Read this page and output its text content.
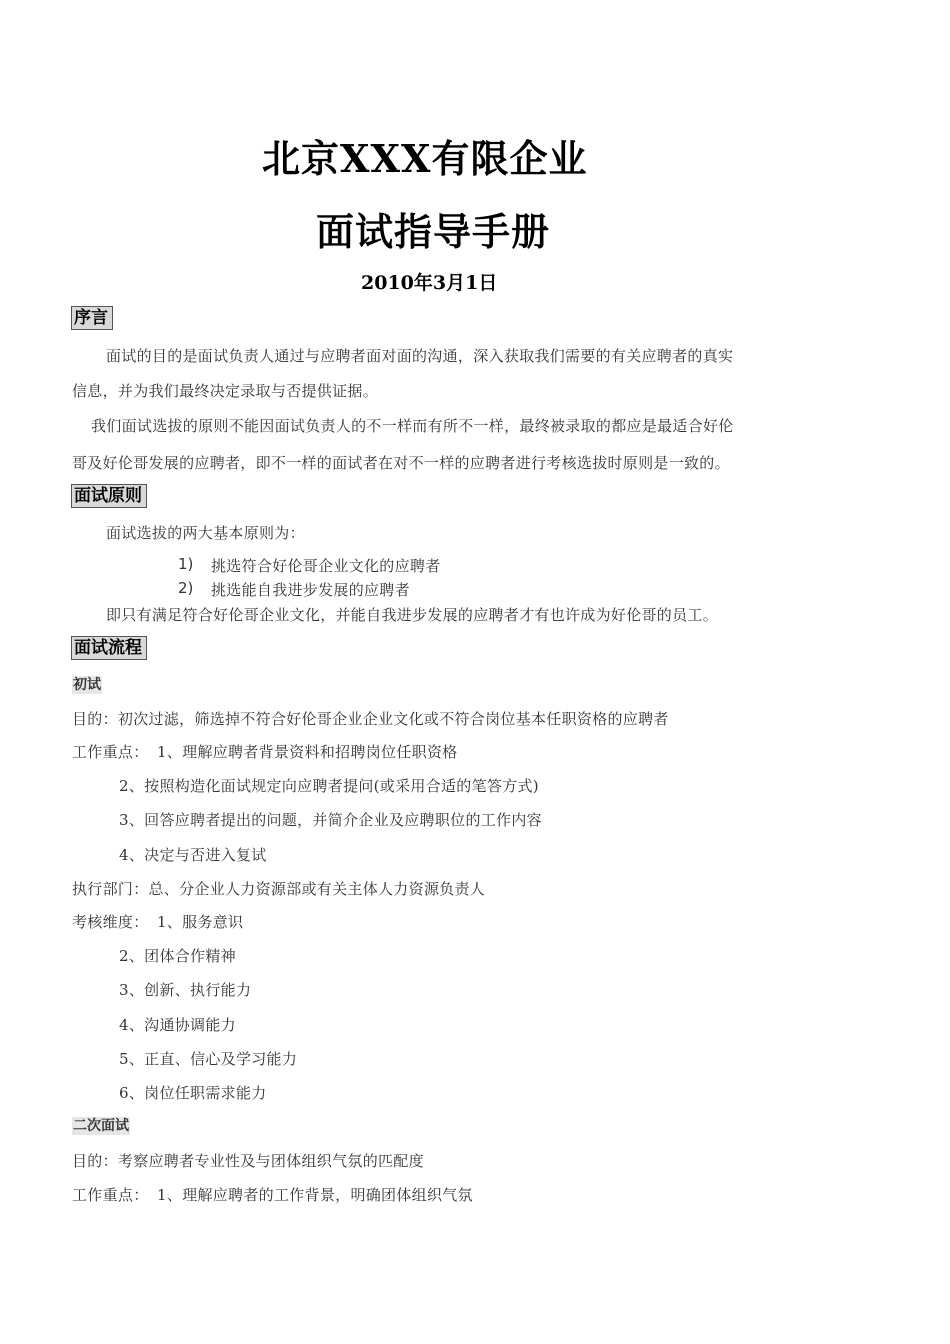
北京XXX有限企业
面试指导手册
2010年3月1日
序言
面试的目的是面试负责人通过与应聘者面对面的沟通，深入获取我们需要的有关应聘者的真实
信息，并为我们最终决定录取与否提供证据。
我们面试选拔的原则不能因面试负责人的不一样而有所不一样，最终被录取的都应是最适合好伦
哥及好伦哥发展的应聘者，即不一样的面试者在对不一样的应聘者进行考核选拔时原则是一致的。
面试原则
面试选拔的两大基本原则为：
1) 挑选符合好伦哥企业文化的应聘者
2) 挑选能自我进步发展的应聘者
即只有满足符合好伦哥企业文化，并能自我进步发展的应聘者才有也许成为好伦哥的员工。
面试流程
初试
目的：初次过滤，筛选掉不符合好伦哥企业企业文化或不符合岗位基本任职资格的应聘者
工作重点： 1、理解应聘者背景资料和招聘岗位任职资格
2、按照构造化面试规定向应聘者提问(或采用合适的笔答方式)
3、回答应聘者提出的问题，并简介企业及应聘职位的工作内容
4、决定与否进入复试
执行部门：总、分企业人力资源部或有关主体人力资源负责人
考核维度： 1、服务意识
2、团体合作精神
3、创新、执行能力
4、沟通协调能力
5、正直、信心及学习能力
6、岗位任职需求能力
二次面试
目的：考察应聘者专业性及与团体组织气氛的匹配度
工作重点： 1、理解应聘者的工作背景，明确团体组织气氛
